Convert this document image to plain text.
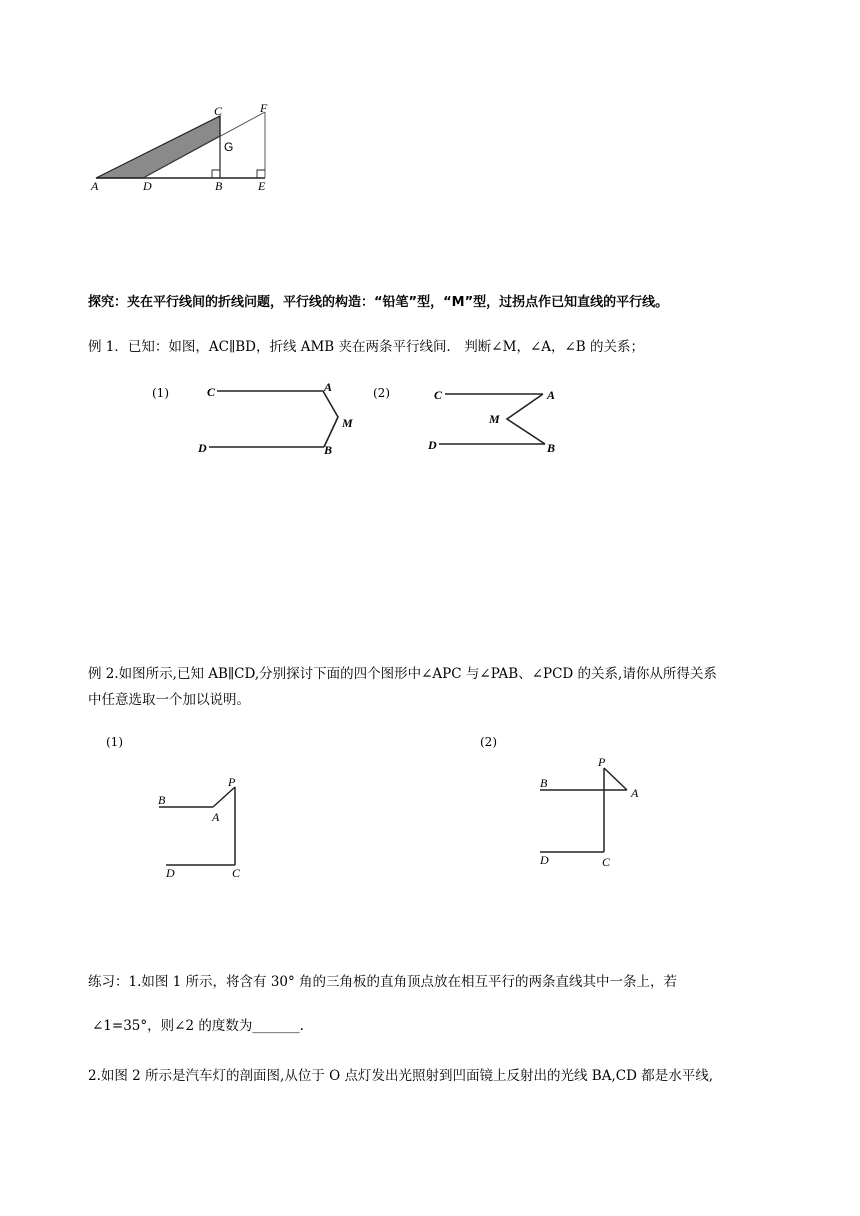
A	D	B	E
C	F
G
探究：夹在平行线间的折线问题，平行线的构造：“铅笔”型，“M”型，过拐点作已知直线的平行线。
例 1．已知：如图，AC∥BD，折线 AMB 夹在两条平行线间． 判断∠M，∠A，∠B 的关系；
(1)	C	A
M
D	B
(2)	C	A
M
D	B
例 2.如图所示,已知 AB∥CD,分别探讨下面的四个图形中∠APC 与∠PAB、∠PCD 的关系,请你从所得关系
中任意选取一个加以说明。
(1)
P
B
A
D	C
(2)
P
B
A
D	C
练习：1.如图 1 所示，将含有 30° 角的三角板的直角顶点放在相互平行的两条直线其中一条上，若
∠1=35°，则∠2 的度数为_______.
2.如图 2 所示是汽车灯的剖面图,从位于 O 点灯发出光照射到凹面镜上反射出的光线 BA,CD 都是水平线,
